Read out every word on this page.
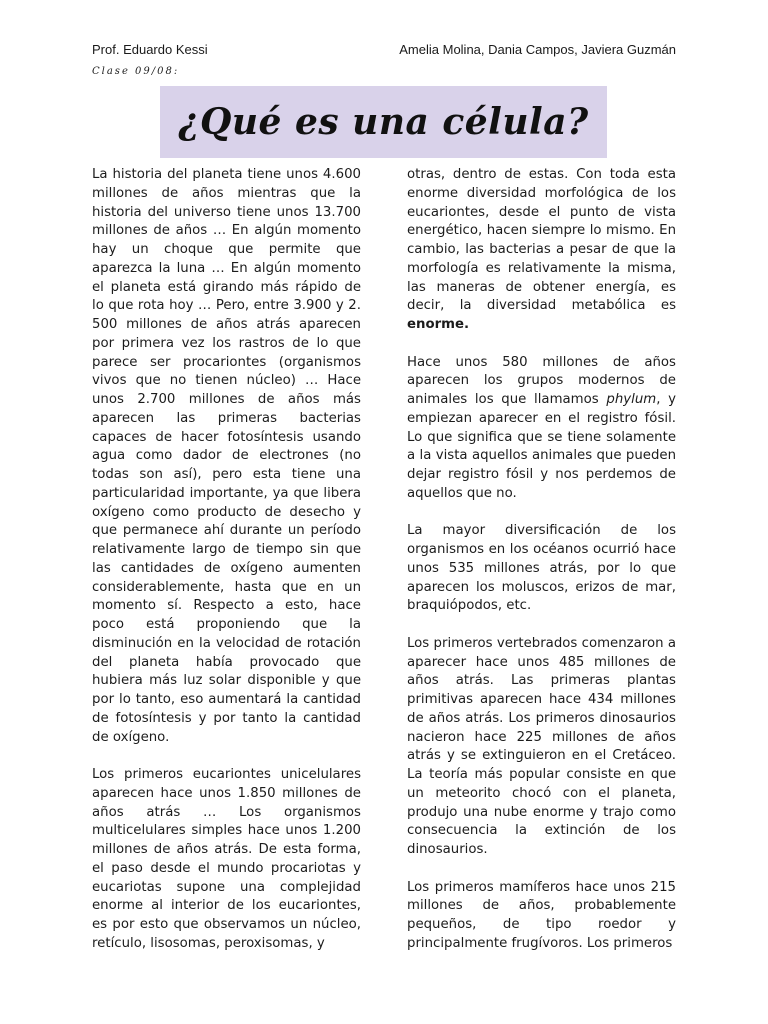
Prof. Eduardo Kessi	Amelia Molina, Dania Campos, Javiera Guzmán
Clase 09/08:
¿Qué es una célula?

La historia del planeta tiene unos 4.600 millones de años mientras que la historia del universo tiene unos 13.700 millones de años … En algún momento hay un choque que permite que aparezca la luna … En algún momento el planeta está girando más rápido de lo que rota hoy … Pero, entre 3.900 y 2. 500 millones de años atrás aparecen por primera vez los rastros de lo que parece ser procariontes (organismos vivos que no tienen núcleo) … Hace unos 2.700 millones de años más aparecen las primeras bacterias capaces de hacer fotosíntesis usando agua como dador de electrones (no todas son así), pero esta tiene una particularidad importante, ya que libera oxígeno como producto de desecho y que permanece ahí durante un período relativamente largo de tiempo sin que las cantidades de oxígeno aumenten considerablemente, hasta que en un momento sí. Respecto a esto, hace poco está proponiendo que la disminución en la velocidad de rotación del planeta había provocado que hubiera más luz solar disponible y que por lo tanto, eso aumentará la cantidad de fotosíntesis y por tanto la cantidad de oxígeno.

Los primeros eucariontes unicelulares aparecen hace unos 1.850 millones de años atrás … Los organismos multicelulares simples hace unos 1.200 millones de años atrás. De esta forma, el paso desde el mundo procariotas y eucariotas supone una complejidad enorme al interior de los eucariontes, es por esto que observamos un núcleo, retículo, lisosomas, peroxisomas, y

otras, dentro de estas. Con toda esta enorme diversidad morfológica de los eucariontes, desde el punto de vista energético, hacen siempre lo mismo. En cambio, las bacterias a pesar de que la morfología es relativamente la misma, las maneras de obtener energía, es decir, la diversidad metabólica es enorme.

Hace unos 580 millones de años aparecen los grupos modernos de animales los que llamamos phylum, y empiezan aparecer en el registro fósil. Lo que significa que se tiene solamente a la vista aquellos animales que pueden dejar registro fósil y nos perdemos de aquellos que no.

La mayor diversificación de los organismos en los océanos ocurrió hace unos 535 millones atrás, por lo que aparecen los moluscos, erizos de mar, braquiópodos, etc.

Los primeros vertebrados comenzaron a aparecer hace unos 485 millones de años atrás. Las primeras plantas primitivas aparecen hace 434 millones de años atrás. Los primeros dinosaurios nacieron hace 225 millones de años atrás y se extinguieron en el Cretáceo. La teoría más popular consiste en que un meteorito chocó con el planeta, produjo una nube enorme y trajo como consecuencia la extinción de los dinosaurios.

Los primeros mamíferos hace unos 215 millones de años, probablemente pequeños, de tipo roedor y principalmente frugívoros. Los primeros
